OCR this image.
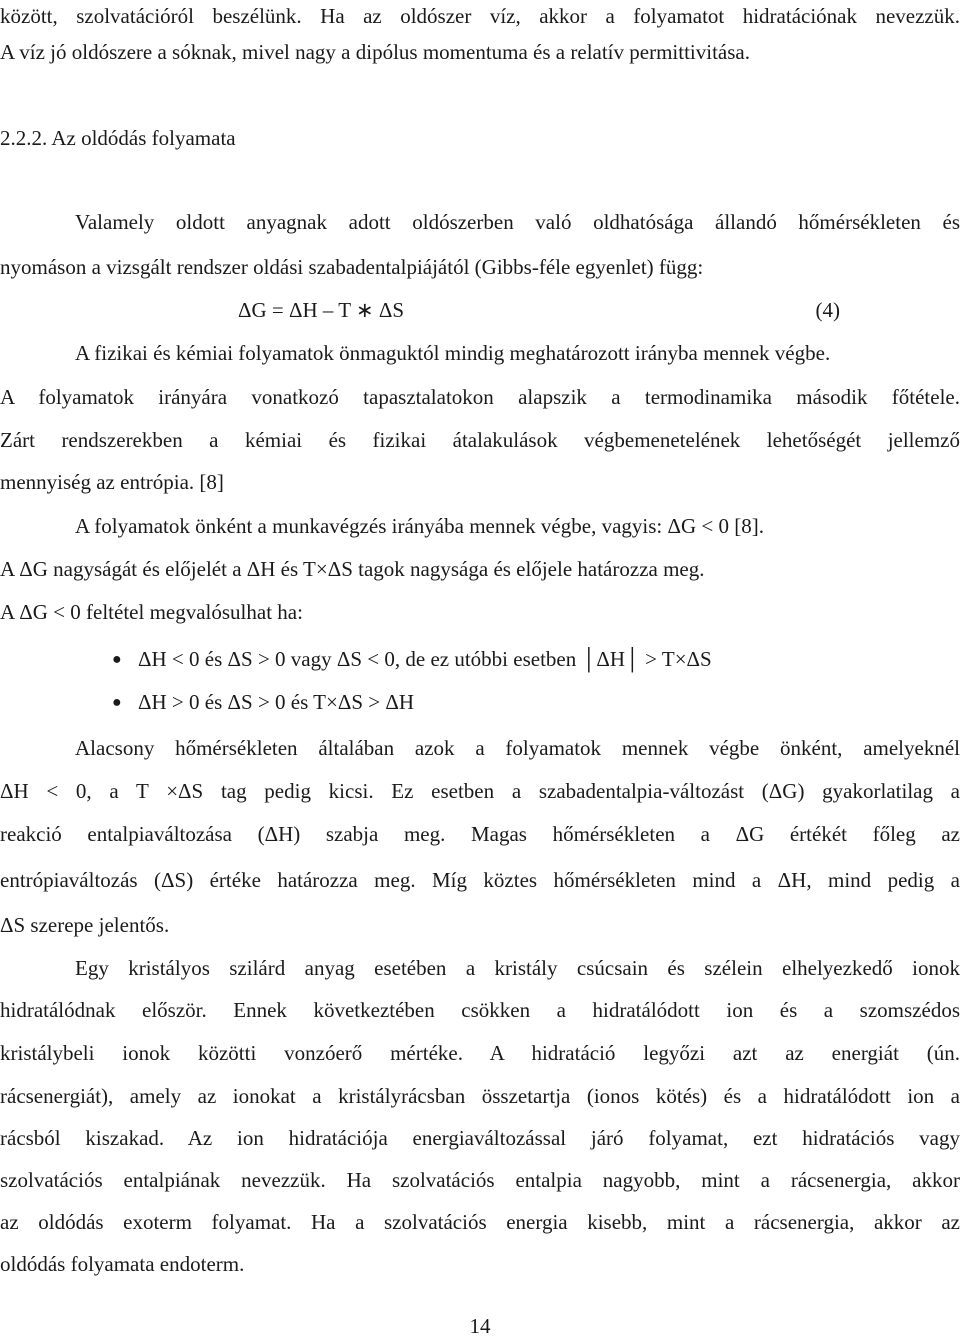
között, szolvatációról beszélünk. Ha az oldószer víz, akkor a folyamatot hidratációnak nevezzük.

A víz jó oldószere a sóknak, mivel nagy a dipólus momentuma és a relatív permittivitása.

2.2.2. Az oldódás folyamata

Valamely oldott anyagnak adott oldószerben való oldhatósága állandó hőmérsékleten és

nyomáson a vizsgált rendszer oldási szabadentalpiájától (Gibbs-féle egyenlet) függ:

ΔG = ΔH – T ∗ ΔS	(4)

A fizikai és kémiai folyamatok önmaguktól mindig meghatározott irányba mennek végbe.

A folyamatok irányára vonatkozó tapasztalatokon alapszik a termodinamika második főtétele.

Zárt rendszerekben a kémiai és fizikai átalakulások végbemenetelének lehetőségét jellemző

mennyiség az entrópia. [8]

A folyamatok önként a munkavégzés irányába mennek végbe, vagyis: ΔG < 0 [8].

A ΔG nagyságát és előjelét a ΔH és T×ΔS tagok nagysága és előjele határozza meg.

A ΔG < 0 feltétel megvalósulhat ha:

● ΔH < 0 és ΔS > 0 vagy ΔS < 0, de ez utóbbi esetben │ΔH│ > T×ΔS
● ΔH > 0 és ΔS > 0 és T×ΔS > ΔH

Alacsony hőmérsékleten általában azok a folyamatok mennek végbe önként, amelyeknél

ΔH < 0, a T ×ΔS tag pedig kicsi. Ez esetben a szabadentalpia-változást (ΔG) gyakorlatilag a

reakció entalpiaváltozása (ΔH) szabja meg. Magas hőmérsékleten a ΔG értékét főleg az

entrópiaváltozás (ΔS) értéke határozza meg. Míg köztes hőmérsékleten mind a ΔH, mind pedig a

ΔS szerepe jelentős.

Egy kristályos szilárd anyag esetében a kristály csúcsain és szélein elhelyezkedő ionok

hidratálódnak először. Ennek következtében csökken a hidratálódott ion és a szomszédos

kristálybeli ionok közötti vonzóerő mértéke. A hidratáció legyőzi azt az energiát (ún.

rácsenergiát), amely az ionokat a kristályrácsban összetartja (ionos kötés) és a hidratálódott ion a

rácsból kiszakad. Az ion hidratációja energiaváltozással járó folyamat, ezt hidratációs vagy

szolvatációs entalpiának nevezzük. Ha szolvatációs entalpia nagyobb, mint a rácsenergia, akkor

az oldódás exoterm folyamat. Ha a szolvatációs energia kisebb, mint a rácsenergia, akkor az

oldódás folyamata endoterm.

14
